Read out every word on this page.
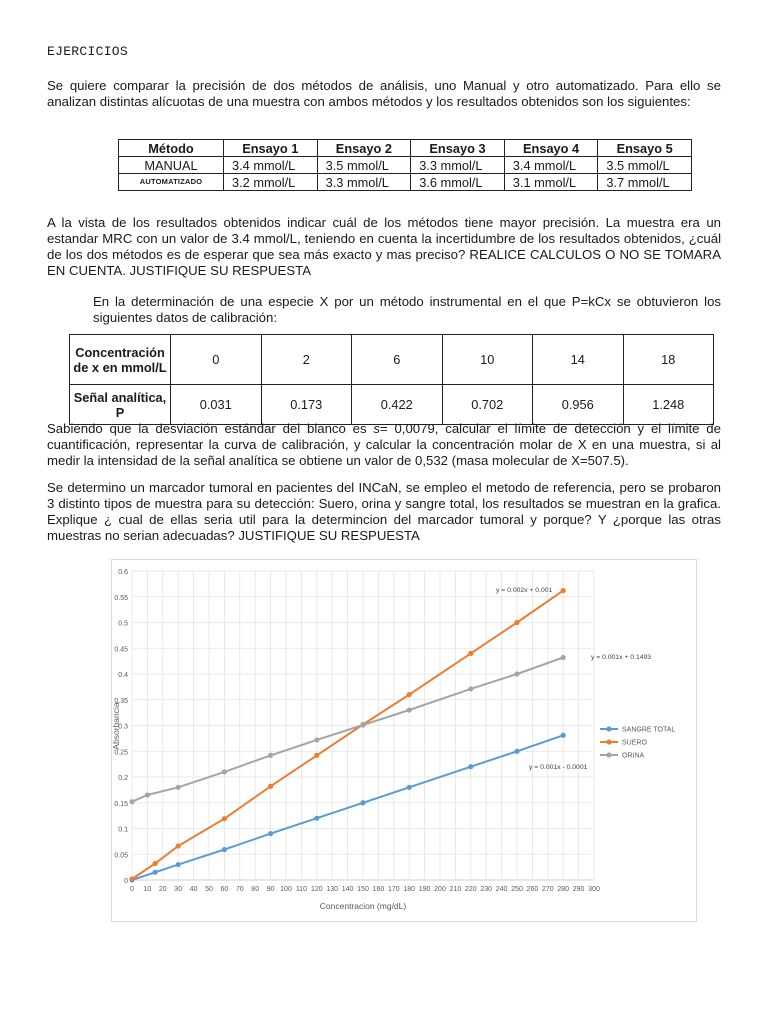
EJERCICIOS
Se quiere comparar la precisión de dos métodos de análisis, uno Manual y otro automatizado. Para ello se analizan distintas alícuotas de una muestra con ambos métodos y los resultados obtenidos son los siguientes:
Método	Ensayo 1	Ensayo 2	Ensayo 3	Ensayo 4	Ensayo 5
MANUAL	3.4 mmol/L	3.5 mmol/L	3.3 mmol/L	3.4 mmol/L	3.5 mmol/L
AUTOMATIZADO	3.2 mmol/L	3.3 mmol/L	3.6 mmol/L	3.1 mmol/L	3.7 mmol/L
A la vista de los resultados obtenidos indicar cuál de los métodos tiene mayor precisión. La muestra era un estandar MRC con un valor de 3.4 mmol/L, teniendo en cuenta la incertidumbre de los resultados obtenidos, ¿cuál de los dos métodos es de esperar que sea más exacto y mas preciso? REALICE CALCULOS O NO SE TOMARA EN CUENTA. JUSTIFIQUE SU RESPUESTA
En la determinación de una especie X por un método instrumental en el que P=kCx se obtuvieron los siguientes datos de calibración:
Concentración de x en mmol/L	0	2	6	10	14	18
Señal analítica, P	0.031	0.173	0.422	0.702	0.956	1.248
Sabiendo que la desviación estándar del blanco es s= 0,0079, calcular el límite de detección y el límite de cuantificación, representar la curva de calibración, y calcular la concentración molar de X en una muestra, si al medir la intensidad de la señal analítica se obtiene un valor de 0,532 (masa molecular de X=507.5).
Se determino un marcador tumoral en pacientes del INCaN, se empleo el metodo de referencia, pero se probaron 3 distinto tipos de muestra para su detección: Suero, orina y sangre total, los resultados se muestran en la grafica. Explique ¿ cual de ellas seria util para la determincion del marcador tumoral y porque? Y ¿porque las otras muestras no serian adecuadas? JUSTIFIQUE SU RESPUESTA
0
0.05
0.1
0.15
0.2
0.25
0.3
0.35
0.4
0.45
0.5
0.55
0.6
0 10 20 30 40 50 60 70 80 90 100 110 120 130 140 150 160 170 180 190 200 210 220 230 240 250 260 270 280 290 300
SANGRE TOTAL
SUERO
ORINA
y = 0.001x - 0.0001
y = 0.002x + 0.001
y = 0.001x + 0.1493
Concentracion (mg/dL)
Absorbancia
